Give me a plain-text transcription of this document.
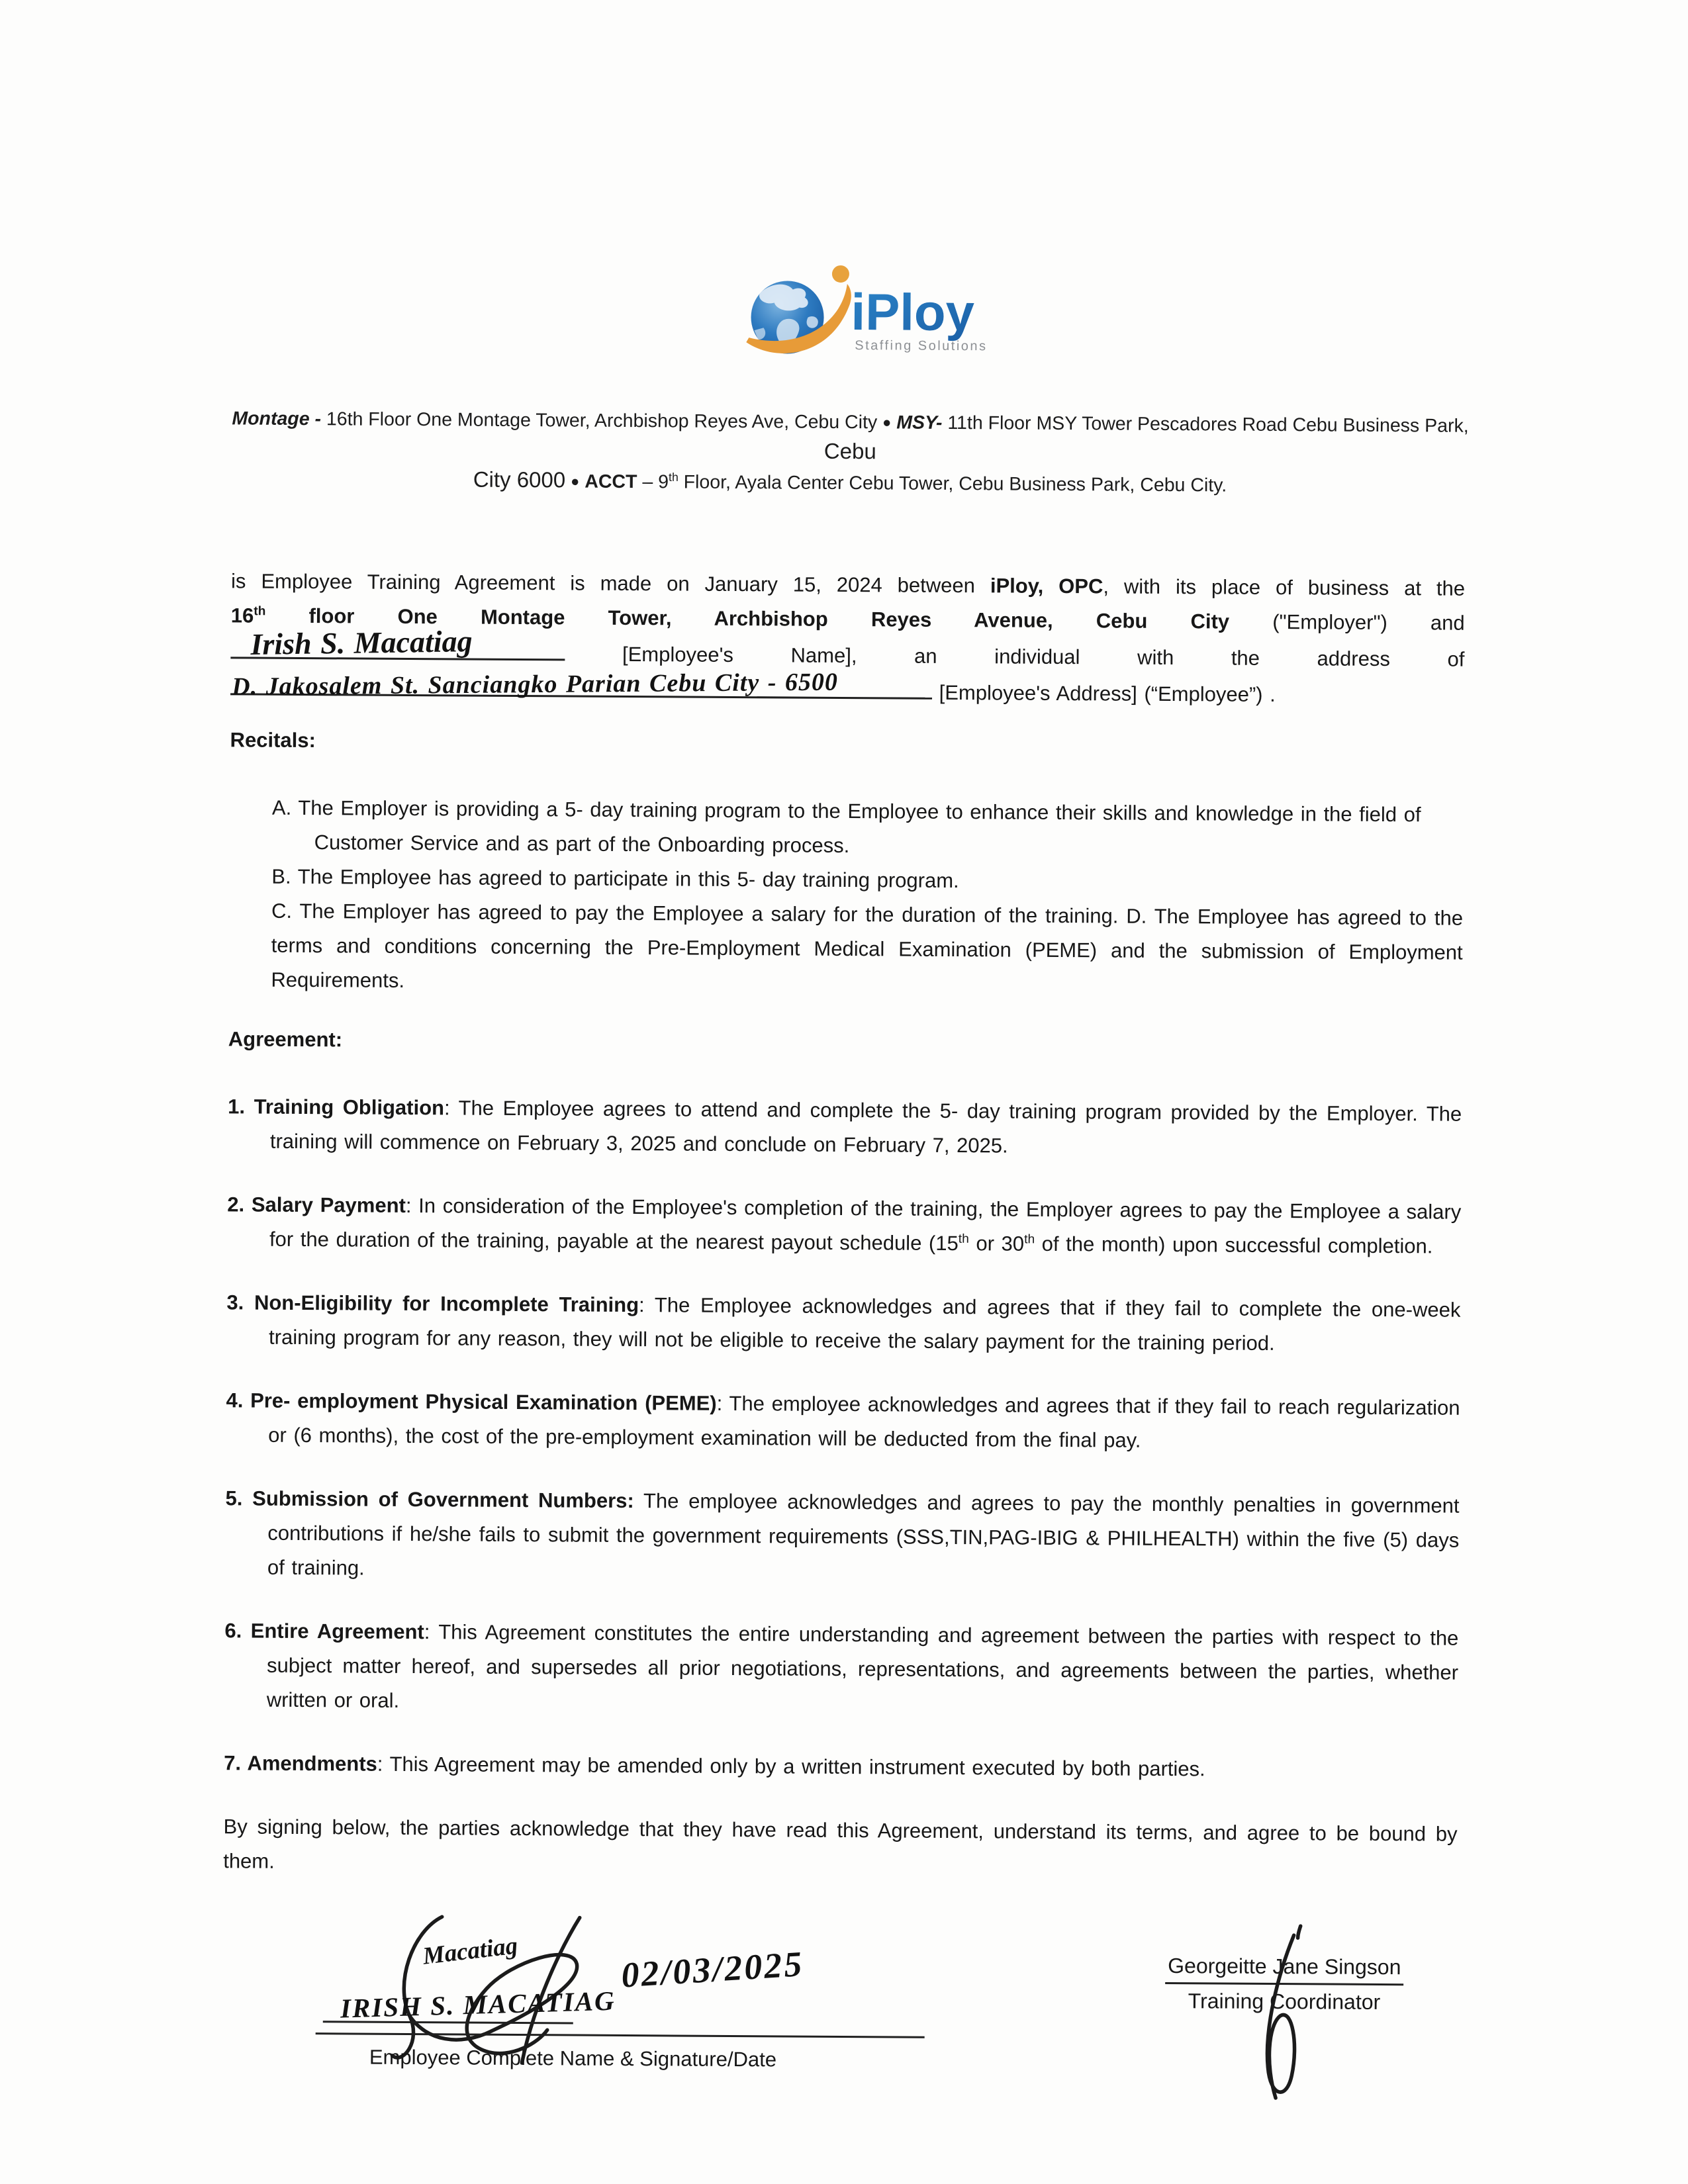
iPloy
Staffing Solutions
Montage - 16th Floor One Montage Tower, Archbishop Reyes Ave, Cebu City ● MSY- 11th Floor MSY Tower Pescadores Road Cebu Business Park, Cebu
City 6000 ● ACCT – 9th Floor, Ayala Center Cebu Tower, Cebu Business Park, Cebu City.
is Employee Training Agreement is made on January 15, 2024 between iPloy, OPC, with its place of business at the
16th floor One Montage Tower, Archbishop Reyes Avenue, Cebu City ("Employer") and
Irish S. Macatiag	[Employee's Name], an individual with the address of
D. Jakosalem St. Sanciangko Parian Cebu City - 6500	[Employee's Address] (“Employee”) .
Recitals:
A. The Employer is providing a 5- day training program to the Employee to enhance their skills and knowledge in the field of Customer Service and as part of the Onboarding process.
B. The Employee has agreed to participate in this 5- day training program.
C. The Employer has agreed to pay the Employee a salary for the duration of the training. D. The Employee has agreed to the terms and conditions concerning the Pre-Employment Medical Examination (PEME) and the submission of Employment Requirements.
Agreement:
1. Training Obligation: The Employee agrees to attend and complete the 5- day training program provided by the Employer. The training will commence on February 3, 2025 and conclude on February 7, 2025.
2. Salary Payment: In consideration of the Employee's completion of the training, the Employer agrees to pay the Employee a salary for the duration of the training, payable at the nearest payout schedule (15th or 30th of the month) upon successful completion.
3. Non-Eligibility for Incomplete Training: The Employee acknowledges and agrees that if they fail to complete the one-week training program for any reason, they will not be eligible to receive the salary payment for the training period.
4. Pre- employment Physical Examination (PEME): The employee acknowledges and agrees that if they fail to reach regularization or (6 months), the cost of the pre-employment examination will be deducted from the final pay.
5. Submission of Government Numbers: The employee acknowledges and agrees to pay the monthly penalties in government contributions if he/she fails to submit the government requirements (SSS,TIN,PAG-IBIG & PHILHEALTH) within the five (5) days of training.
6. Entire Agreement: This Agreement constitutes the entire understanding and agreement between the parties with respect to the subject matter hereof, and supersedes all prior negotiations, representations, and agreements between the parties, whether written or oral.
7. Amendments: This Agreement may be amended only by a written instrument executed by both parties.
By signing below, the parties acknowledge that they have read this Agreement, understand its terms, and agree to be bound by them.
Macatiag
IRISH S. MACATIAG
02/03/2025
Employee Complete Name & Signature/Date
Georgeitte Jane Singson
Training Coordinator
